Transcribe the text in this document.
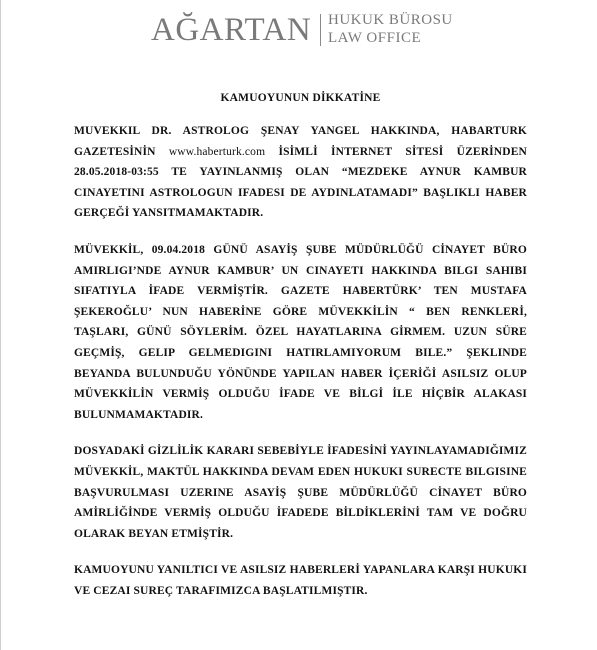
AĞARTAN HUKUK BÜROSU
LAW OFFICE
KAMUOYUNUN DİKKATİNE

MUVEKKIL DR. ASTROLOG ŞENAY YANGEL HAKKINDA, HABARTURK GAZETESİNİN www.haberturk.com İSİMLİ İNTERNET SİTESİ ÜZERİNDEN 28.05.2018-03:55 TE YAYINLANMIŞ OLAN “MEZDEKE AYNUR KAMBUR CINAYETINI ASTROLOGUN IFADESI DE AYDINLATAMADI” BAŞLIKLI HABER GERÇEĞİ YANSITMAMAKTADIR.

MÜVEKKİL, 09.04.2018 GÜNÜ ASAYİŞ ŞUBE MÜDÜRLÜĞÜ CİNAYET BÜRO AMIRLIGI’NDE AYNUR KAMBUR’ UN CINAYETI HAKKINDA BILGI SAHIBI SIFATIYLA İFADE VERMİŞTİR. GAZETE HABERTÜRK’ TEN MUSTAFA ŞEKEROĞLU’ NUN HABERİNE GÖRE MÜVEKKİLİN “ BEN RENKLERİ, TAŞLARI, GÜNÜ SÖYLERİM. ÖZEL HAYATLARINA GİRMEM. UZUN SÜRE GEÇMİŞ, GELIP GELMEDIGINI HATIRLAMIYORUM BILE.” ŞEKLINDE BEYANDA BULUNDUĞU YÖNÜNDE YAPILAN HABER İÇERİĞİ ASILSIZ OLUP MÜVEKKİLİN VERMİŞ OLDUĞU İFADE VE BİLGİ İLE HİÇBİR ALAKASI BULUNMAMAKTADIR.

DOSYADAKİ GİZLİLİK KARARI SEBEBİYLE İFADESİNİ YAYINLAYAMADIĞIMIZ MÜVEKKİL, MAKTÜL HAKKINDA DEVAM EDEN HUKUKI SURECTE BILGISINE BAŞVURULMASI UZERINE ASAYİŞ ŞUBE MÜDÜRLÜĞÜ CİNAYET BÜRO AMİRLİĞİNDE VERMİŞ OLDUĞU İFADEDE BİLDİKLERİNİ TAM VE DOĞRU OLARAK BEYAN ETMİŞTİR.

KAMUOYUNU YANILTICI VE ASILSIZ HABERLERİ YAPANLARA KARŞI HUKUKI VE CEZAI SUREÇ TARAFIMIZCA BAŞLATILMIŞTIR.
